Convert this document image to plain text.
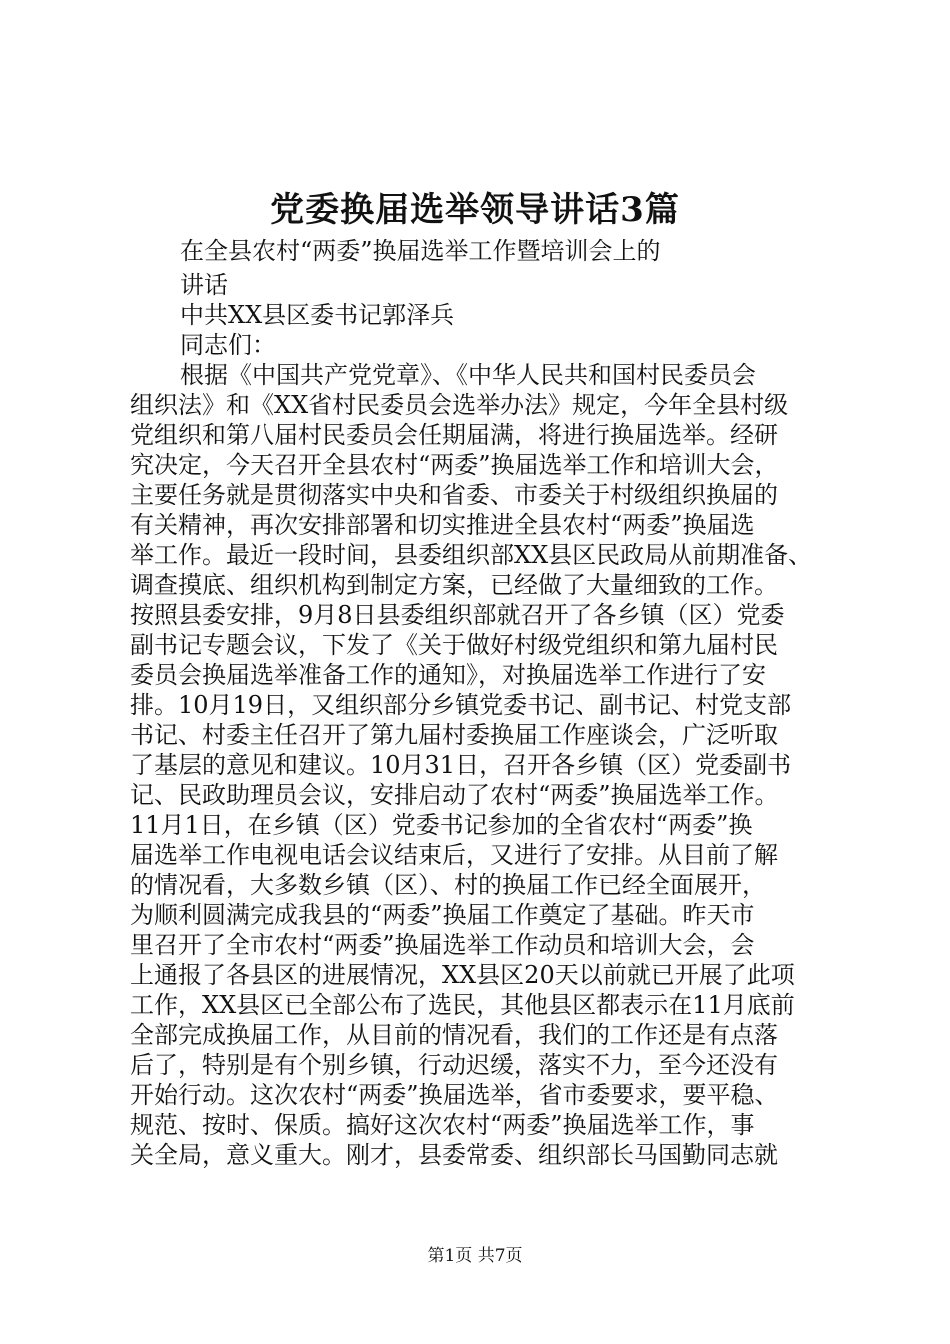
党委换届选举领导讲话3篇
在全县农村“两委”换届选举工作暨培训会上的
讲话
中共XX县区委书记郭泽兵
同志们：
根据《中国共产党党章》、《中华人民共和国村民委员会
组织法》和《XX省村民委员会选举办法》规定，今年全县村级
党组织和第八届村民委员会任期届满，将进行换届选举。经研
究决定，今天召开全县农村“两委”换届选举工作和培训大会，
主要任务就是贯彻落实中央和省委、市委关于村级组织换届的
有关精神，再次安排部署和切实推进全县农村“两委”换届选
举工作。最近一段时间，县委组织部XX县区民政局从前期准备、
调查摸底、组织机构到制定方案，已经做了大量细致的工作。
按照县委安排，9月8日县委组织部就召开了各乡镇（区）党委
副书记专题会议，下发了《关于做好村级党组织和第九届村民
委员会换届选举准备工作的通知》，对换届选举工作进行了安
排。10月19日，又组织部分乡镇党委书记、副书记、村党支部
书记、村委主任召开了第九届村委换届工作座谈会，广泛听取
了基层的意见和建议。10月31日，召开各乡镇（区）党委副书
记、民政助理员会议，安排启动了农村“两委”换届选举工作。
11月1日，在乡镇（区）党委书记参加的全省农村“两委”换
届选举工作电视电话会议结束后，又进行了安排。从目前了解
的情况看，大多数乡镇（区）、村的换届工作已经全面展开，
为顺利圆满完成我县的“两委”换届工作奠定了基础。昨天市
里召开了全市农村“两委”换届选举工作动员和培训大会，会
上通报了各县区的进展情况，XX县区20天以前就已开展了此项
工作，XX县区已全部公布了选民，其他县区都表示在11月底前
全部完成换届工作，从目前的情况看，我们的工作还是有点落
后了，特别是有个别乡镇，行动迟缓，落实不力，至今还没有
开始行动。这次农村“两委”换届选举，省市委要求，要平稳、
规范、按时、保质。搞好这次农村“两委”换届选举工作，事
关全局，意义重大。刚才，县委常委、组织部长马国勤同志就
第1页 共7页
